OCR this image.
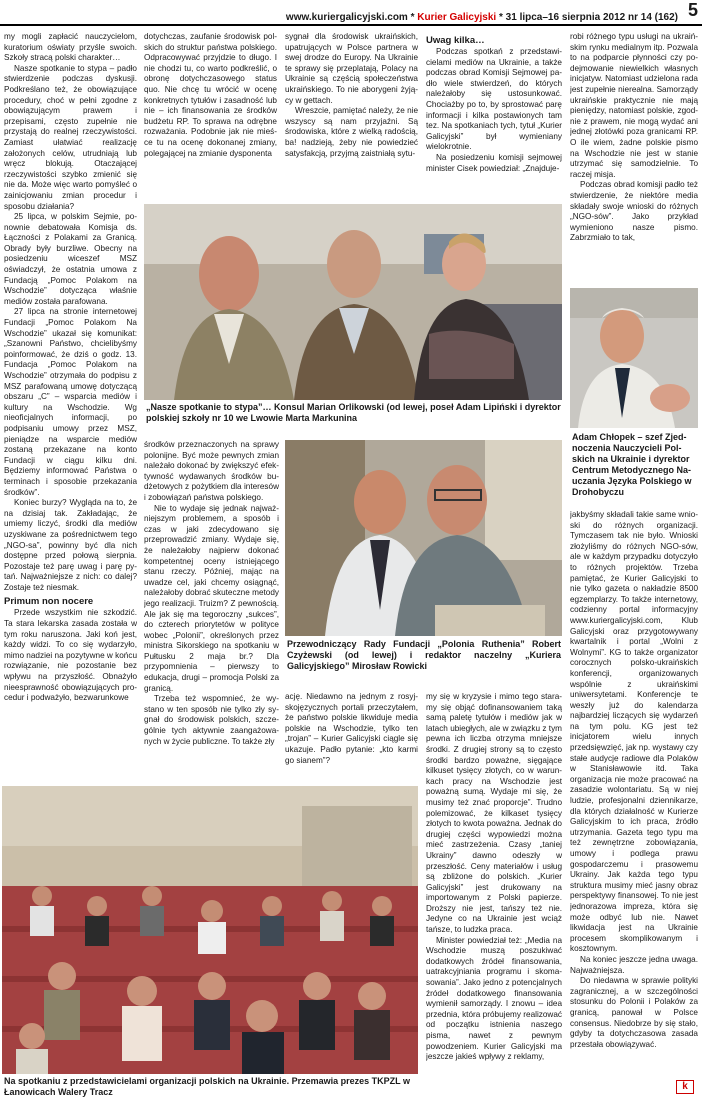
www.kuriergalicyjski.com * Kurier Galicyjski * 31 lipca–16 sierpnia 2012 nr 14 (162) 5

my mogli zapłacić nauczycielom, kuratorium oświaty przyśle swoich. Szkoły stracą polski charakter…

Nasze spotkanie to stypa – padło stwierdzenie podczas dyskusji. Podkreślano też, że obowiązujące procedury, choć w pełni zgodne z obowiązującym prawem i przepisami, często zupełnie nie przystają do realnej rzeczywistości. Zamiast ułatwiać realizację założonych celów, utrudniają lub wręcz blokują. Otaczającej rzeczywistości szybko zmienić się nie da. Może więc warto pomyśleć o zainicjowaniu zmian procedur i sposobu działania?

25 lipca, w polskim Sejmie, ponownie debatowała Komisja ds. Łączności z Polakami za Granicą. Obrady były burzliwe. Obecny na posiedzeniu wiceszef MSZ oświadczył, że ostatnia umowa z Fundacją „Pomoc Polakom na Wschodzie” dotycząca właśnie mediów została parafowana.

27 lipca na stronie internetowej Fundacji „Pomoc Polakom Na Wschodzie” ukazał się komunikat: „Szanowni Państwo, chcielibyśmy poinformować, że dziś o godz. 13. Fundacja „Pomoc Polakom na Wschodzie” otrzymała do podpisu z MSZ parafowaną umowę dotyczącą obszaru „C” – wsparcia mediów i kultury na Wschodzie. Wg nieoficjalnych informacji, po podpisaniu umowy przez MSZ, pieniądze na wsparcie mediów zostaną przekazane na konto Fundacji w ciągu kilku dni. Będziemy informować Państwa o terminach i sposobie przekazania środków”.

Koniec burzy? Wygląda na to, że na dzisiaj tak. Zakładając, że umiemy liczyć, środki dla mediów uzyskiwane za pośrednictwem tego „NGO-sa”, powinny być dla nich dostępne przed połową sierpnia. Pozostaje też parę uwag i parę pytań. Najważniejsze z nich: co dalej? Zostaje też niesmak.

Primum non nocere

Przede wszystkim nie szkodzić. Ta stara lekarska zasada została w tym roku naruszona. Jaki koń jest, każdy widzi. To co się wydarzyło, mimo nadziei na pozytywne w końcu rozwiązanie, nie pozostanie bez wpływu na przyszłość. Obnażyło nieesprawność obowiązujących procedur i podważyło, bezwarunkowe

dotychczas, zaufanie środowisk polskich do struktur państwa polskiego. Odpracowywać przyjdzie to długo. I nie chodzi tu, co warto podkreślić, o obronę dotychczasowego status quo. Nie chcę tu wrócić w ocenę konkretnych tytułów i zasadność lub nie – ich finansowania ze środków budżetu RP. To sprawa na odrębne rozważania. Podobnie jak nie mieśce tu na ocenę dokonanej zmiany, polegającej na zmianie dysponenta

sygnał dla środowisk ukraińskich, upatrujących w Polsce partnera w swej drodze do Europy. Na Ukrainie te sprawy się przeplatają, Polacy na Ukrainie są częścią społeczeństwa ukraińskiego. To nie aborygeni żyjący w gettach.

Wreszcie, pamiętać należy, że nie wszyscy są nam przyjaźni. Są środowiska, które z wielką radością, ba! nadzieją, żeby nie powiedzieć satysfakcją, przyjmą zaistniałą sytu-

Uwag kilka…

Podczas spotkań z przedstawicielami mediów na Ukrainie, a także podczas obrad Komisji Sejmowej padło wiele stwierdzeń, do których należałoby się ustosunkować. Chociażby po to, by sprostować parę informacji i kilka postawionych tam tez. Na spotkaniach tych, tytuł „Kurier Galicyjski” był wymieniany wielokrotnie.

Na posiedzeniu komisji sejmowej minister Cisek powiedział: „Znajduje-

robi różnego typu usługi na ukraińskim rynku medialnym itp. Pozwala to na podparcie płynności czy podejmowanie niewielkich własnych inicjatyw. Natomiast udzielona rada jest zupełnie nierealna. Samorządy ukraińskie praktycznie nie mają pieniędzy, natomiast polskie, zgodnie z prawem, nie mogą wydać ani jednej złotówki poza granicami RP. O ile wiem, żadne polskie pismo na Wschodzie nie jest w stanie utrzymać się samodzielnie. To raczej misja.

Podczas obrad komisji padło też stwierdzenie, że niektóre media składały swoje wnioski do różnych „NGO-sów”. Jako przykład wymieniono nasze pismo. Zabrzmiało to tak,

„Nasze spotkanie to stypa”… Konsul Marian Orlikowski (od lewej, poseł Adam Lipiński i dyrektor polskiej szkoły nr 10 we Lwowie Marta Markunina
Adam Chłopek – szef Zjednoczenia Nauczycieli Polskich na Ukrainie i dyrektor Centrum Metodycznego Nauczania Języka Polskiego w Drohobyczu

środków przeznaczonych na sprawy polonijne. Być może pewnych zmian należało dokonać by zwiększyć efektywność wydawanych środków budżetowych z pożytkiem dla interesów i zobowiązań państwa polskiego.

Nie to wydaje się jednak najważniejszym problemem, a sposób i czas w jaki zdecydowano się przeprowadzić zmiany. Wydaje się, że należałoby najpierw dokonać kompetentnej oceny istniejącego stanu rzeczy. Później, mając na uwadze cel, jaki chcemy osiągnąć, należałoby dobrać skuteczne metody jego realizacji. Truizm? Z pewnością. Ale jak się ma tegoroczny „sukces”, do czterech priorytetów w polityce wobec „Polonii”, określonych przez ministra Sikorskiego na spotkaniu w Pułtusku 2 maja br.? Dla przypomnienia – pierwszy to edukacja, drugi – promocja Polski za granicą.

Trzeba też wspomnieć, że wystano w ten sposób nie tylko zły sygnał do środowisk polskich, szczególnie tych aktywnie zaangażowanych w życie publiczne. To także zły

Przewodniczący Rady Fundacji „Polonia Ruthenia” Robert Czyżewski (od lewej) i redaktor naczelny „Kuriera Galicyjskiego” Mirosław Rowicki

jakbyśmy składali takie same wnioski do różnych organizacji. Tymczasem tak nie było. Wnioski złożyliśmy do różnych NGO-sów, ale w każdym przypadku dotyczyło to różnych projektów. Trzeba pamiętać, że Kurier Galicyjski to nie tylko gazeta o nakładzie 8500 egzemplarzy. To także internetowy, codzienny portal informacyjny www.kuriergalicyjski.com, Klub Galicyjski oraz przygotowywany kwartalnik i portal „Wolni z Wolnymi”. KG to także organizator corocznych polsko-ukraińskich konferencji, organizowanych wspólnie z ukraińskimi uniwersytetami. Konferencje te weszły już do kalendarza najbardziej liczących się wydarzeń na tym polu. KG jest też inicjatorem wielu innych przedsięwzięć, jak np. wystawy czy stałe audycje radiowe dla Polaków w Stanisławowie itd. Taka organizacja nie może pracować na zasadzie wolontariatu. Są w niej ludzie, profesjonalni dziennikarze, dla których działalność w Kurierze Galicyjskim to ich praca, źródło utrzymania. Gazeta tego typu ma też zewnętrzne zobowiązania, umowy i podlega prawu gospodarczemu i prasowemu Ukrainy. Jak każda tego typu struktura musimy mieć jasny obraz perspektywy finansowej. To nie jest jednorazowa impreza, która się może odbyć lub nie. Nawet likwidacja jest na Ukrainie procesem skomplikowanym i kosztownym.

Na koniec jeszcze jedna uwaga. Najważniejsza.

Do niedawna w sprawie polityki zagranicznej, a w szczególności stosunku do Polonii i Polaków za granicą, panował w Polsce consensus. Niedobrze by się stało, gdyby ta dotychczasowa zasada przestała obowiązywać.

ację. Niedawno na jednym z rosyjskojęzycznych portali przeczytałem, że państwo polskie likwiduje media polskie na Wschodzie, tylko ten „trojan” – Kurier Galicyjski ciągle się ukazuje. Padło pytanie: „kto karmi go sianem”?

my się w kryzysie i mimo tego staramy się objąć dofinansowaniem taką samą paletę tytułów i mediów jak w latach ubiegłych, ale w związku z tym pewna ich liczba otrzyma mniejsze środki. Z drugiej strony są to często środki bardzo poważne, sięgające kilkuset tysięcy złotych, co w warunkach pracy na Wschodzie jest poważną sumą. Wydaje mi się, że musimy też znać proporcje”. Trudno polemizować, że kilkaset tysięcy złotych to kwota poważna. Jednak do drugiej części wypowiedzi można mieć zastrzeżenia. Czasy „taniej Ukrainy” dawno odeszły w przeszłość. Ceny materiałów i usług są zbliżone do polskich. „Kurier Galicyjski” jest drukowany na importowanym z Polski papierze. Droższy nie jest, tańszy też nie. Jedyne co na Ukrainie jest wciąż tańsze, to ludzka praca.

Minister powiedział też: „Media na Wschodzie muszą poszukiwać dodatkowych źródeł finansowania, uatrakcyjniania programu i skomasowania”. Jako jedno z potencjalnych źródeł dodatkowego finansowania wymienił samorządy. I znowu – idea przednia, która próbujemy realizować od początku istnienia naszego pisma, nawet z pewnym powodzeniem. Kurier Galicyjski ma jeszcze jakieś wpływy z reklamy,

Na spotkaniu z przedstawicielami organizacji polskich na Ukrainie. Przemawia prezes TKPZL w Łanowicach Walery Tracz	k
